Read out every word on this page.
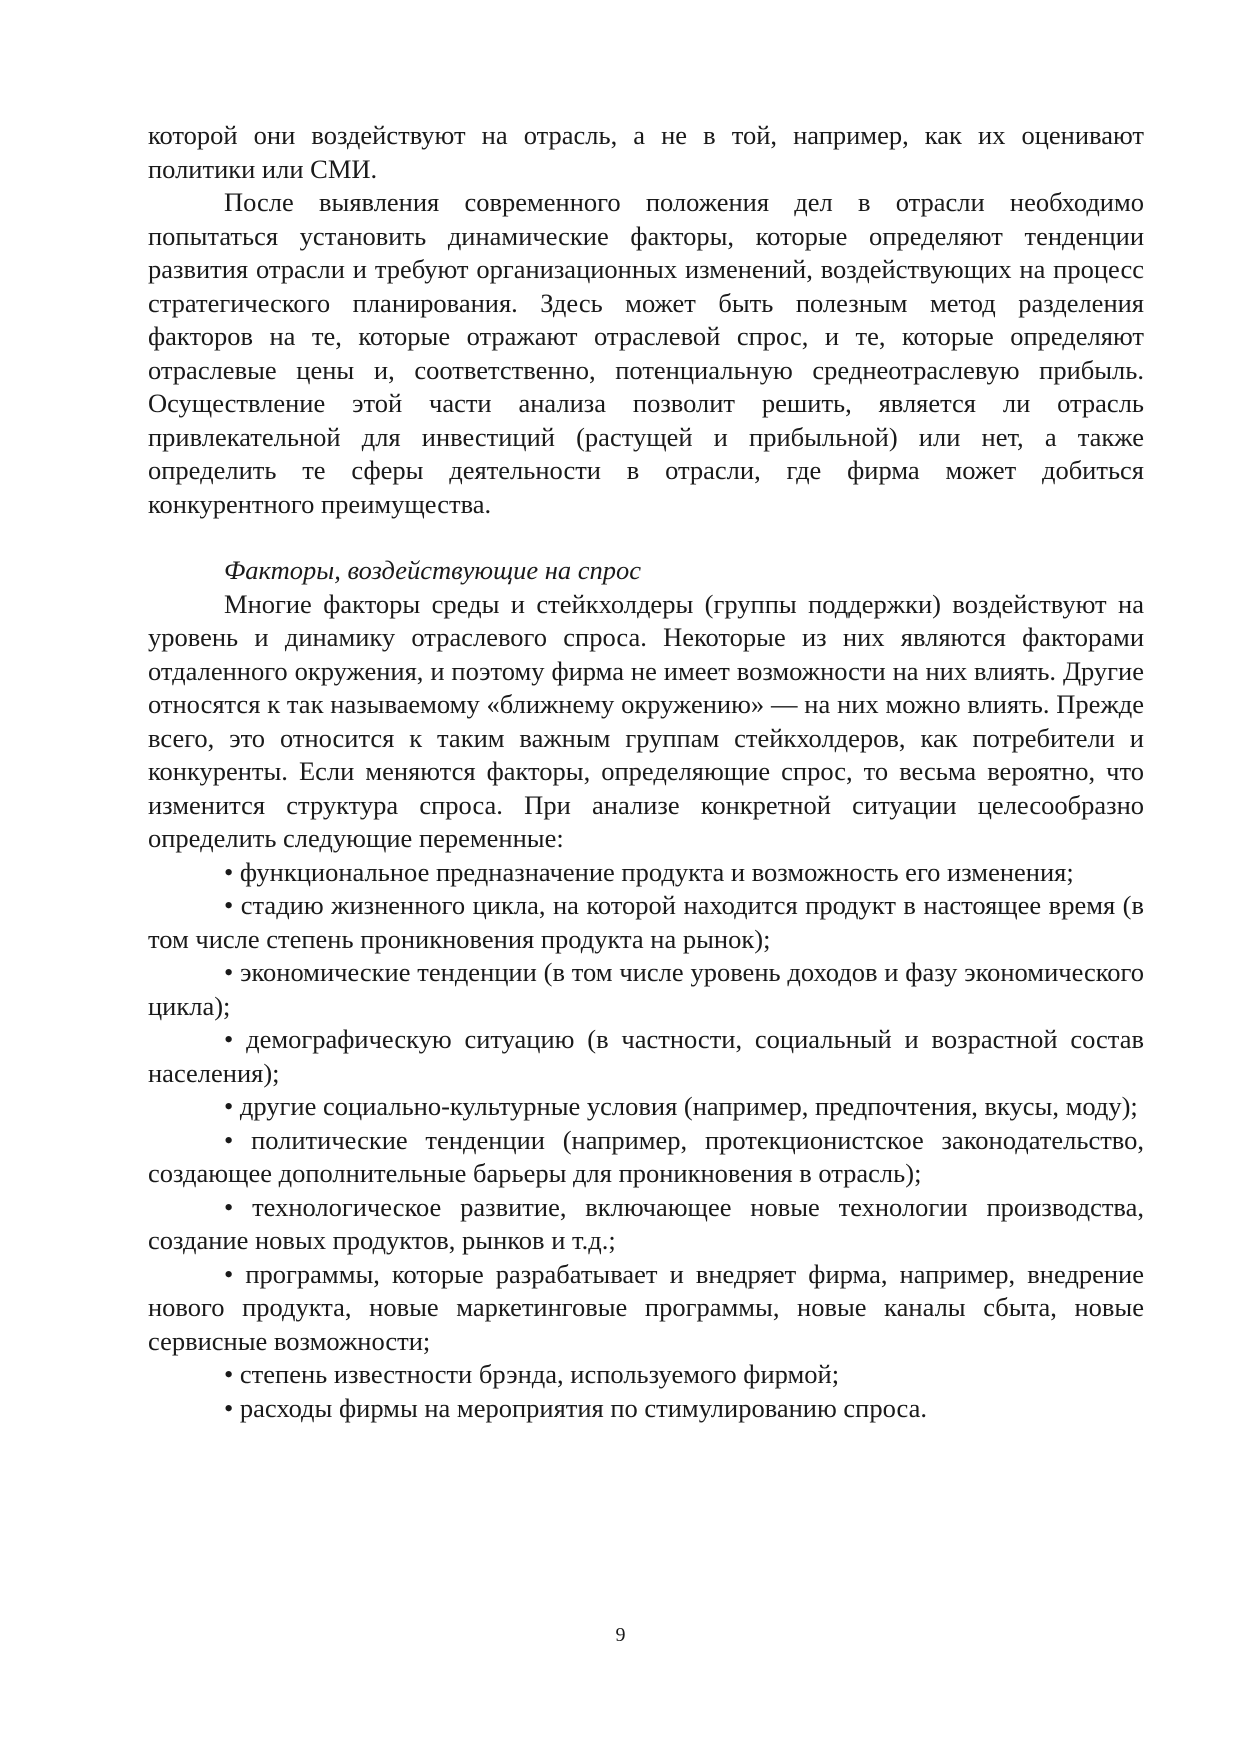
которой они воздействуют на отрасль, а не в той, например, как их оценивают политики или СМИ.

После выявления современного положения дел в отрасли необходимо попытаться установить динамические факторы, которые определяют тенденции развития отрасли и требуют организационных изменений, воздействующих на процесс стратегического планирования. Здесь может быть полезным метод разделения факторов на те, которые отражают отраслевой спрос, и те, которые определяют отраслевые цены и, соответственно, потенциальную среднеотраслевую прибыль. Осуществление этой части анализа позволит решить, является ли отрасль привлекательной для инвестиций (растущей и прибыльной) или нет, а также определить те сферы деятельности в отрасли, где фирма может добиться конкурентного преимущества.

Факторы, воздействующие на спрос

Многие факторы среды и стейкхолдеры (группы поддержки) воздействуют на уровень и динамику отраслевого спроса. Некоторые из них являются факторами отдаленного окружения, и поэтому фирма не имеет возможности на них влиять. Другие относятся к так называемому «ближнему окружению» — на них можно влиять. Прежде всего, это относится к таким важным группам стейкхолдеров, как потребители и конкуренты. Если меняются факторы, определяющие спрос, то весьма вероятно, что изменится структура спроса. При анализе конкретной ситуации целесообразно определить следующие переменные:

• функциональное предназначение продукта и возможность его изменения;

• стадию жизненного цикла, на которой находится продукт в настоящее время (в том числе степень проникновения продукта на рынок);

• экономические тенденции (в том числе уровень доходов и фазу экономического цикла);

• демографическую ситуацию (в частности, социальный и возрастной состав населения);

• другие социально-культурные условия (например, предпочтения, вкусы, моду);

• политические тенденции (например, протекционистское законодательство, создающее дополнительные барьеры для проникновения в отрасль);

• технологическое развитие, включающее новые технологии производства, создание новых продуктов, рынков и т.д.;

• программы, которые разрабатывает и внедряет фирма, например, внедрение нового продукта, новые маркетинговые программы, новые каналы сбыта, новые сервисные возможности;

• степень известности брэнда, используемого фирмой;

• расходы фирмы на мероприятия по стимулированию спроса.

9
